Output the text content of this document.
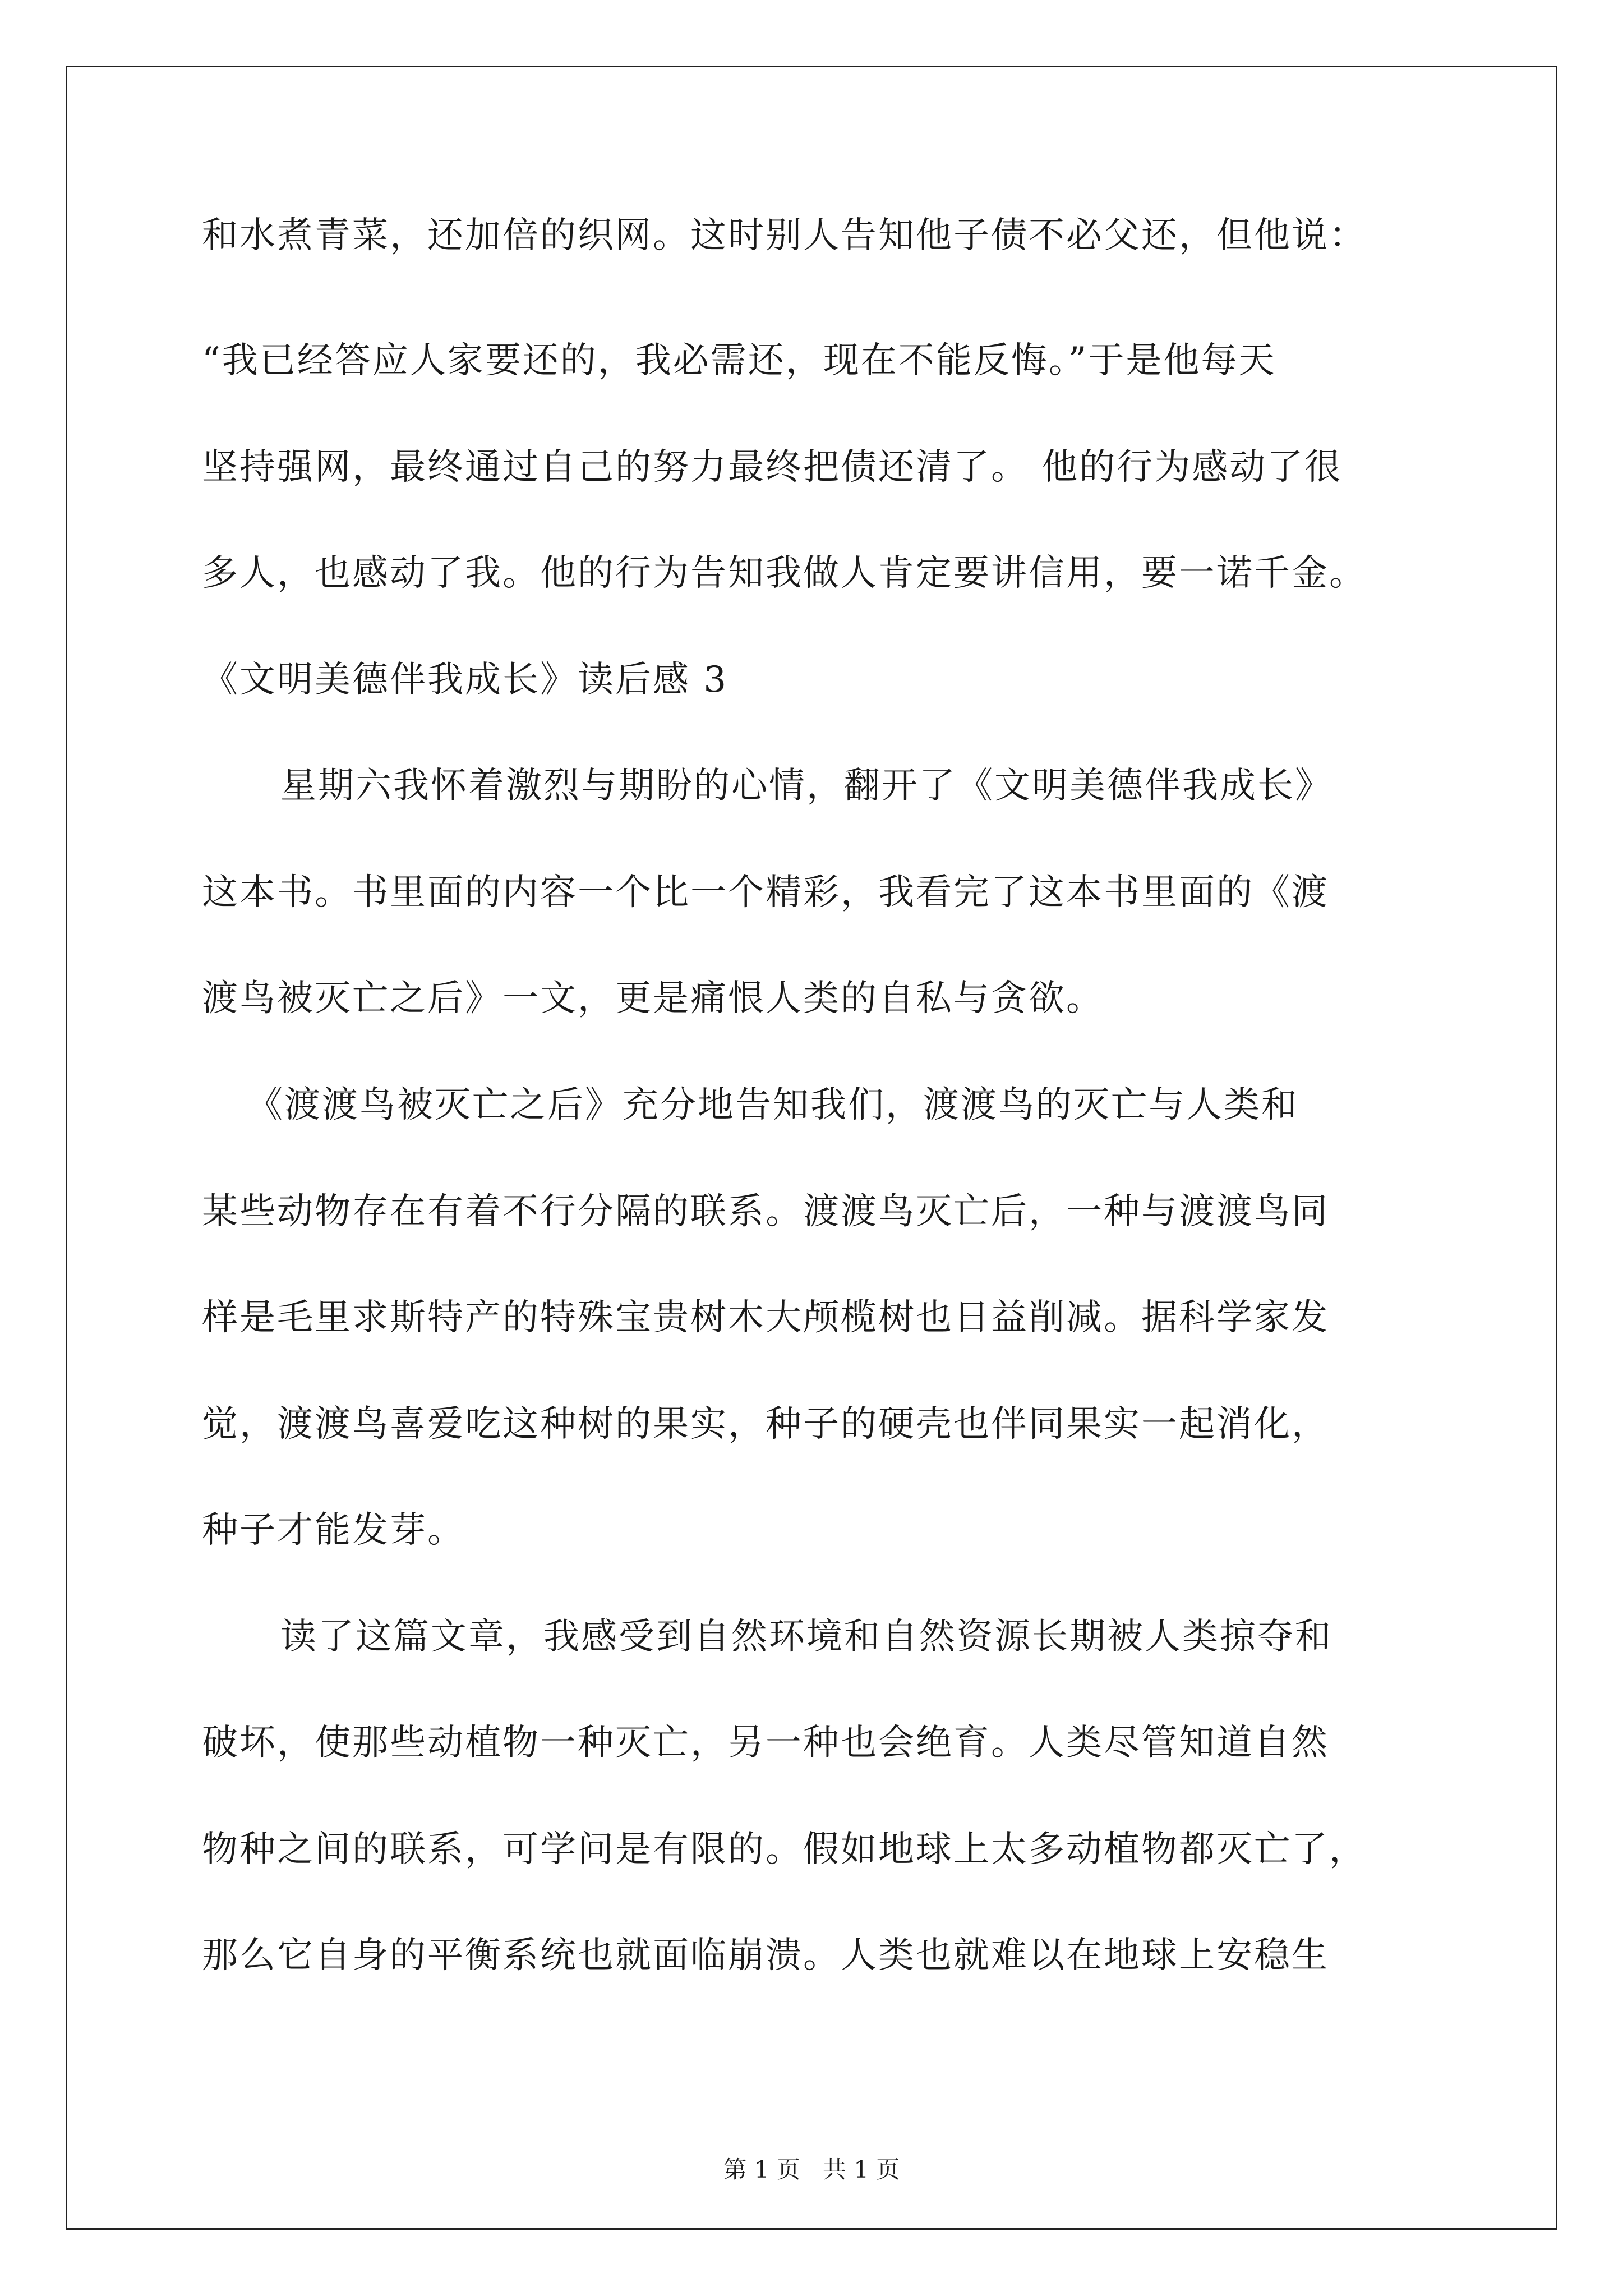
和水煮青菜，还加倍的织网。这时别人告知他子债不必父还，但他说：
“我已经答应人家要还的，我必需还，现在不能反悔。”于是他每天
坚持强网，最终通过自己的努力最终把债还清了。 他的行为感动了很
多人，也感动了我。他的行为告知我做人肯定要讲信用，要一诺千金。
《文明美德伴我成长》读后感 3
星期六我怀着激烈与期盼的心情，翻开了《文明美德伴我成长》
这本书。书里面的内容一个比一个精彩，我看完了这本书里面的《渡
渡鸟被灭亡之后》一文，更是痛恨人类的自私与贪欲。
《渡渡鸟被灭亡之后》充分地告知我们，渡渡鸟的灭亡与人类和
某些动物存在有着不行分隔的联系。渡渡鸟灭亡后，一种与渡渡鸟同
样是毛里求斯特产的特殊宝贵树木大颅榄树也日益削减。据科学家发
觉，渡渡鸟喜爱吃这种树的果实，种子的硬壳也伴同果实一起消化，
种子才能发芽。
读了这篇文章，我感受到自然环境和自然资源长期被人类掠夺和
破坏，使那些动植物一种灭亡，另一种也会绝育。人类尽管知道自然
物种之间的联系，可学问是有限的。假如地球上太多动植物都灭亡了，
那么它自身的平衡系统也就面临崩溃。人类也就难以在地球上安稳生
第 1 页 共 1 页
